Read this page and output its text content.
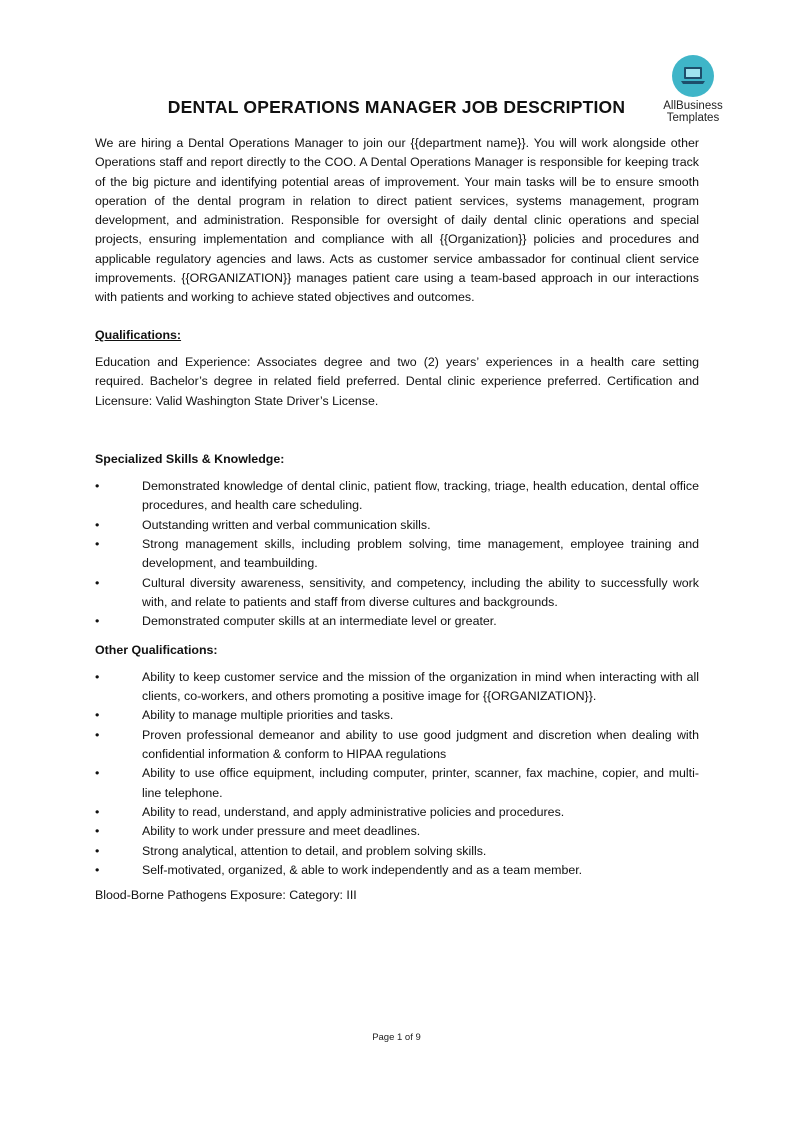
AllBusiness
Templates
DENTAL OPERATIONS MANAGER JOB DESCRIPTION

We are hiring a Dental Operations Manager to join our {{department name}}. You will work alongside other Operations staff and report directly to the COO. A Dental Operations Manager is responsible for keeping track of the big picture and identifying potential areas of improvement. Your main tasks will be to ensure smooth operation of the dental program in relation to direct patient services, systems management, program development, and administration. Responsible for oversight of daily dental clinic operations and special projects, ensuring implementation and compliance with all {{Organization}} policies and procedures and applicable regulatory agencies and laws. Acts as customer service ambassador for continual client service improvements. {{ORGANIZATION}} manages patient care using a team-based approach in our interactions with patients and working to achieve stated objectives and outcomes.

Qualifications:

Education and Experience: Associates degree and two (2) years’ experiences in a health care setting required. Bachelor’s degree in related field preferred. Dental clinic experience preferred. Certification and Licensure: Valid Washington State Driver’s License.

Specialized Skills & Knowledge:

•	Demonstrated knowledge of dental clinic, patient flow, tracking, triage, health education, dental office procedures, and health care scheduling.
•	Outstanding written and verbal communication skills.
•	Strong management skills, including problem solving, time management, employee training and development, and teambuilding.
•	Cultural diversity awareness, sensitivity, and competency, including the ability to successfully work with, and relate to patients and staff from diverse cultures and backgrounds.
•	Demonstrated computer skills at an intermediate level or greater.

Other Qualifications:

•	Ability to keep customer service and the mission of the organization in mind when interacting with all clients, co-workers, and others promoting a positive image for {{ORGANIZATION}}.
•	Ability to manage multiple priorities and tasks.
•	Proven professional demeanor and ability to use good judgment and discretion when dealing with confidential information & conform to HIPAA regulations
•	Ability to use office equipment, including computer, printer, scanner, fax machine, copier, and multi-line telephone.
•	Ability to read, understand, and apply administrative policies and procedures.
•	Ability to work under pressure and meet deadlines.
•	Strong analytical, attention to detail, and problem solving skills.
•	Self-motivated, organized, & able to work independently and as a team member.

Blood-Borne Pathogens Exposure: Category: III

Page 1 of 9
